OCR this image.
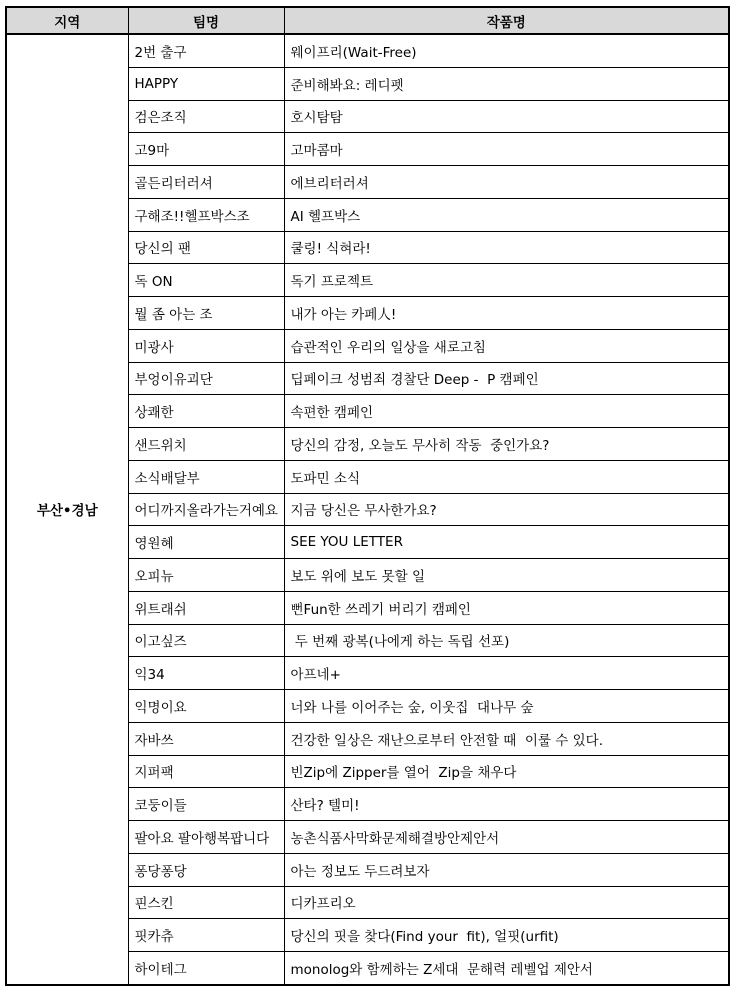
지역	팀명	작품명
부산•경남	2번 출구	웨이프리(Wait-Free)
	HAPPY	준비해봐요: 레디펫
	검은조직	호시탐탐
	고9마	고마콤마
	골든리터러셔	에브리터러셔
	구해조!!헬프박스조	AI 헬프박스
	당신의 팬	쿨링! 식혀라!
	독 ON	독기 프로젝트
	뭘 좀 아는 조	내가 아는 카페人!
	미광사	습관적인 우리의 일상을 새로고침
	부엉이유괴단	딥페이크 성범죄 경찰단 Deep -  P 캠페인
	상쾌한	속편한 캠페인
	샌드위치	당신의 감정, 오늘도 무사히 작동  중인가요?
	소식배달부	도파민 소식
	어디까지올라가는거예요	지금 당신은 무사한가요?
	영원혜	SEE YOU LETTER
	오피뉴	보도 위에 보도 못할 일
	위트래쉬	뻔Fun한 쓰레기 버리기 캠페인
	이고싶즈	두 번째 광복(나에게 하는 독립 선포)
	익34	아프네+
	익명이요	너와 나를 이어주는 숲, 이웃집  대나무 숲
	자바쓰	건강한 일상은 재난으로부터 안전할 때  이룰 수 있다.
	지퍼팩	빈Zip에 Zipper를 열어  Zip을 채우다
	코둥이들	산타? 텔미!
	팔아요 팔아행복팝니다	농촌식품사막화문제해결방안제안서
	퐁당퐁당	아는 정보도 두드려보자
	핀스킨	디카프리오
	핏카츄	당신의 핏을 찾다(Find your  fit), 얼핏(urfit)
	하이테그	monolog와 함께하는 Z세대  문해력 레벨업 제안서
